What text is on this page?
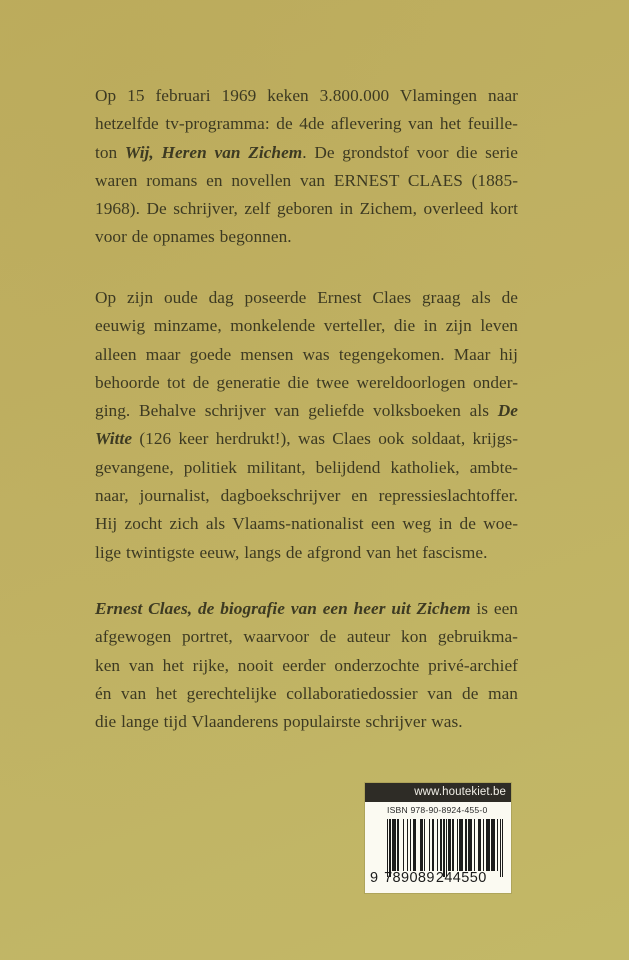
Op 15 februari 1969 keken 3.800.000 Vlamingen naar
hetzelfde tv-programma: de 4de aflevering van het feuille-
ton Wij, Heren van Zichem. De grondstof voor die serie
waren romans en novellen van ERNEST CLAES (1885-
1968). De schrijver, zelf geboren in Zichem, overleed kort
voor de opnames begonnen.
Op zijn oude dag poseerde Ernest Claes graag als de
eeuwig minzame, monkelende verteller, die in zijn leven
alleen maar goede mensen was tegengekomen. Maar hij
behoorde tot de generatie die twee wereldoorlogen onder-
ging. Behalve schrijver van geliefde volksboeken als De
Witte (126 keer herdrukt!), was Claes ook soldaat, krijgs-
gevangene, politiek militant, belijdend katholiek, ambte-
naar, journalist, dagboekschrijver en repressieslachtoffer.
Hij zocht zich als Vlaams-nationalist een weg in de woe-
lige twintigste eeuw, langs de afgrond van het fascisme.
Ernest Claes, de biografie van een heer uit Zichem is een
afgewogen portret, waarvoor de auteur kon gebruikma-
ken van het rijke, nooit eerder onderzochte privé-archief
én van het gerechtelijke collaboratiedossier van de man
die lange tijd Vlaanderens populairste schrijver was.
www.houtekiet.be
ISBN 978-90-8924-455-0
9 789089244550
